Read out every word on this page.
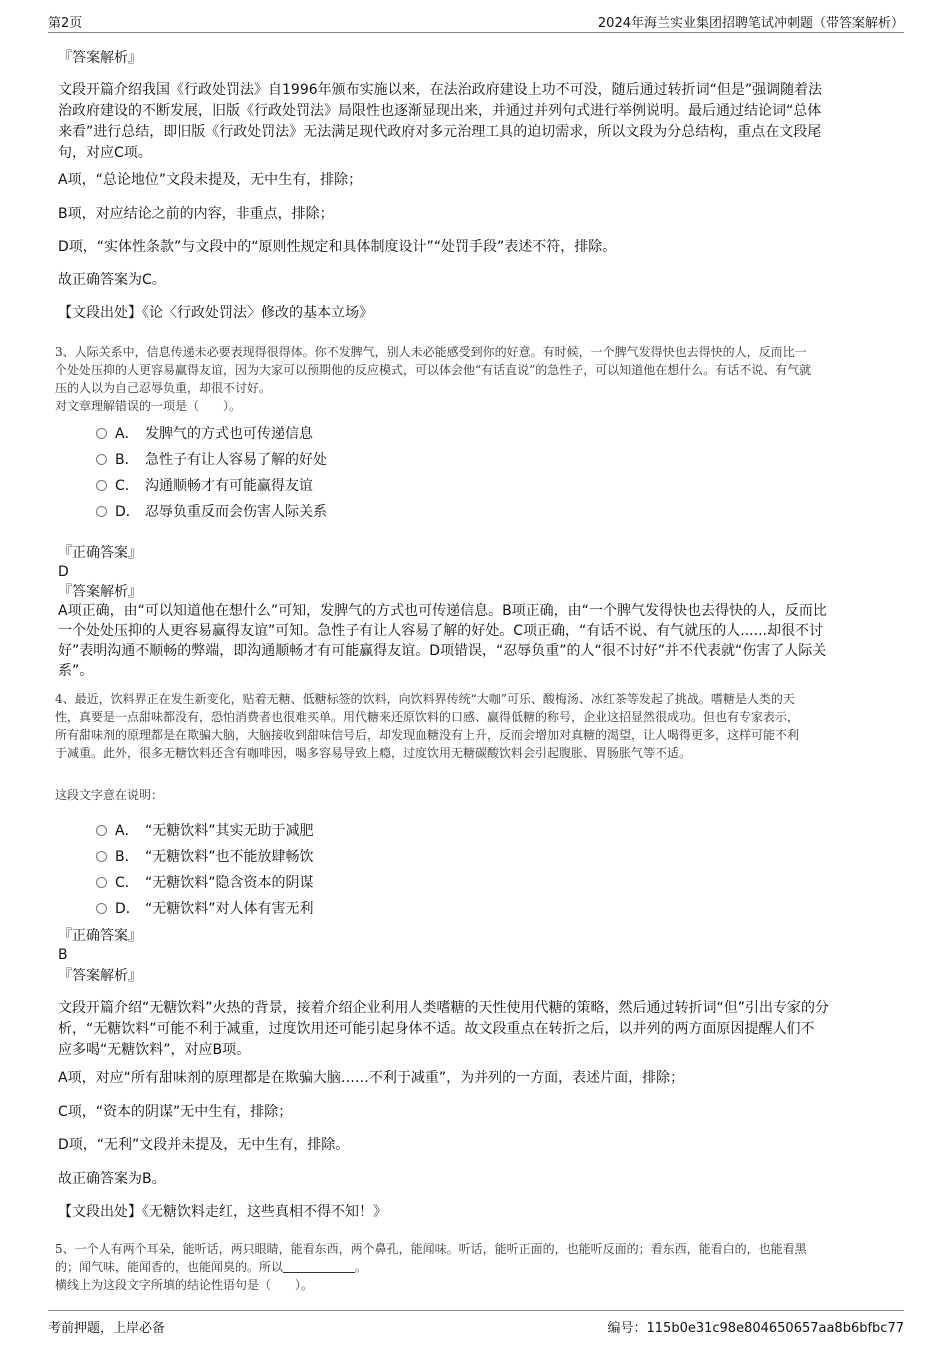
第2页	2024年海兰实业集团招聘笔试冲刺题（带答案解析）
『答案解析』
文段开篇介绍我国《行政处罚法》自1996年颁布实施以来，在法治政府建设上功不可没，随后通过转折词“但是”强调随着法
治政府建设的不断发展，旧版《行政处罚法》局限性也逐渐显现出来，并通过并列句式进行举例说明。最后通过结论词“总体
来看”进行总结，即旧版《行政处罚法》无法满足现代政府对多元治理工具的迫切需求，所以文段为分总结构，重点在文段尾
句，对应C项。
A项，“总论地位”文段未提及，无中生有，排除；
B项，对应结论之前的内容，非重点，排除；
D项，“实体性条款”与文段中的“原则性规定和具体制度设计”“处罚手段”表述不符，排除。
故正确答案为C。
【文段出处】《论〈行政处罚法〉修改的基本立场》
3、人际关系中，信息传递未必要表现得很得体。你不发脾气，别人未必能感受到你的好意。有时候，一个脾气发得快也去得快的人，反而比一
个处处压抑的人更容易赢得友谊，因为大家可以预期他的反应模式，可以体会他“有话直说”的急性子，可以知道他在想什么。有话不说、有气就
压的人以为自己忍辱负重，却很不讨好。
对文章理解错误的一项是（　　）。
A． 发脾气的方式也可传递信息
B． 急性子有让人容易了解的好处
C． 沟通顺畅才有可能赢得友谊
D． 忍辱负重反而会伤害人际关系
『正确答案』
D
『答案解析』
A项正确，由“可以知道他在想什么”可知，发脾气的方式也可传递信息。B项正确，由“一个脾气发得快也去得快的人，反而比
一个处处压抑的人更容易赢得友谊”可知。急性子有让人容易了解的好处。C项正确，“有话不说、有气就压的人......却很不讨
好”表明沟通不顺畅的弊端，即沟通顺畅才有可能赢得友谊。D项错误，“忍辱负重”的人“很不讨好”并不代表就“伤害了人际关
系”。
4、最近，饮料界正在发生新变化，贴着无糖、低糖标签的饮料，向饮料界传统“大咖”可乐、酸梅汤、冰红茶等发起了挑战。嗜糖是人类的天
性，真要是一点甜味都没有，恐怕消费者也很难买单。用代糖来还原饮料的口感、赢得低糖的称号，企业这招显然很成功。但也有专家表示，
所有甜味剂的原理都是在欺骗大脑，大脑接收到甜味信号后，却发现血糖没有上升，反而会增加对真糖的渴望，让人喝得更多，这样可能不利
于减重。此外，很多无糖饮料还含有咖啡因，喝多容易导致上瘾，过度饮用无糖碳酸饮料会引起腹胀、胃肠胀气等不适。
这段文字意在说明：
A． “无糖饮料”其实无助于减肥
B． “无糖饮料”也不能放肆畅饮
C． “无糖饮料”隐含资本的阴谋
D． “无糖饮料”对人体有害无利
『正确答案』
B
『答案解析』
文段开篇介绍“无糖饮料”火热的背景，接着介绍企业利用人类嗜糖的天性使用代糖的策略，然后通过转折词“但”引出专家的分
析，“无糖饮料”可能不利于减重，过度饮用还可能引起身体不适。故文段重点在转折之后，以并列的两方面原因提醒人们不
应多喝“无糖饮料”，对应B项。
A项，对应“所有甜味剂的原理都是在欺骗大脑……不利于减重”，为并列的一方面，表述片面，排除；
C项，“资本的阴谋”无中生有，排除；
D项，“无利”文段并未提及，无中生有，排除。
故正确答案为B。
【文段出处】《无糖饮料走红，这些真相不得不知！》
5、一个人有两个耳朵，能听话，两只眼睛，能看东西，两个鼻孔，能闻味。听话，能听正面的，也能听反面的；看东西，能看白的，也能看黑
的；闻气味，能闻香的，也能闻臭的。所以＿＿＿＿＿＿。
横线上为这段文字所填的结论性语句是（　　）。
考前押题，上岸必备	编号：115b0e31c98e804650657aa8b6bfbc77
